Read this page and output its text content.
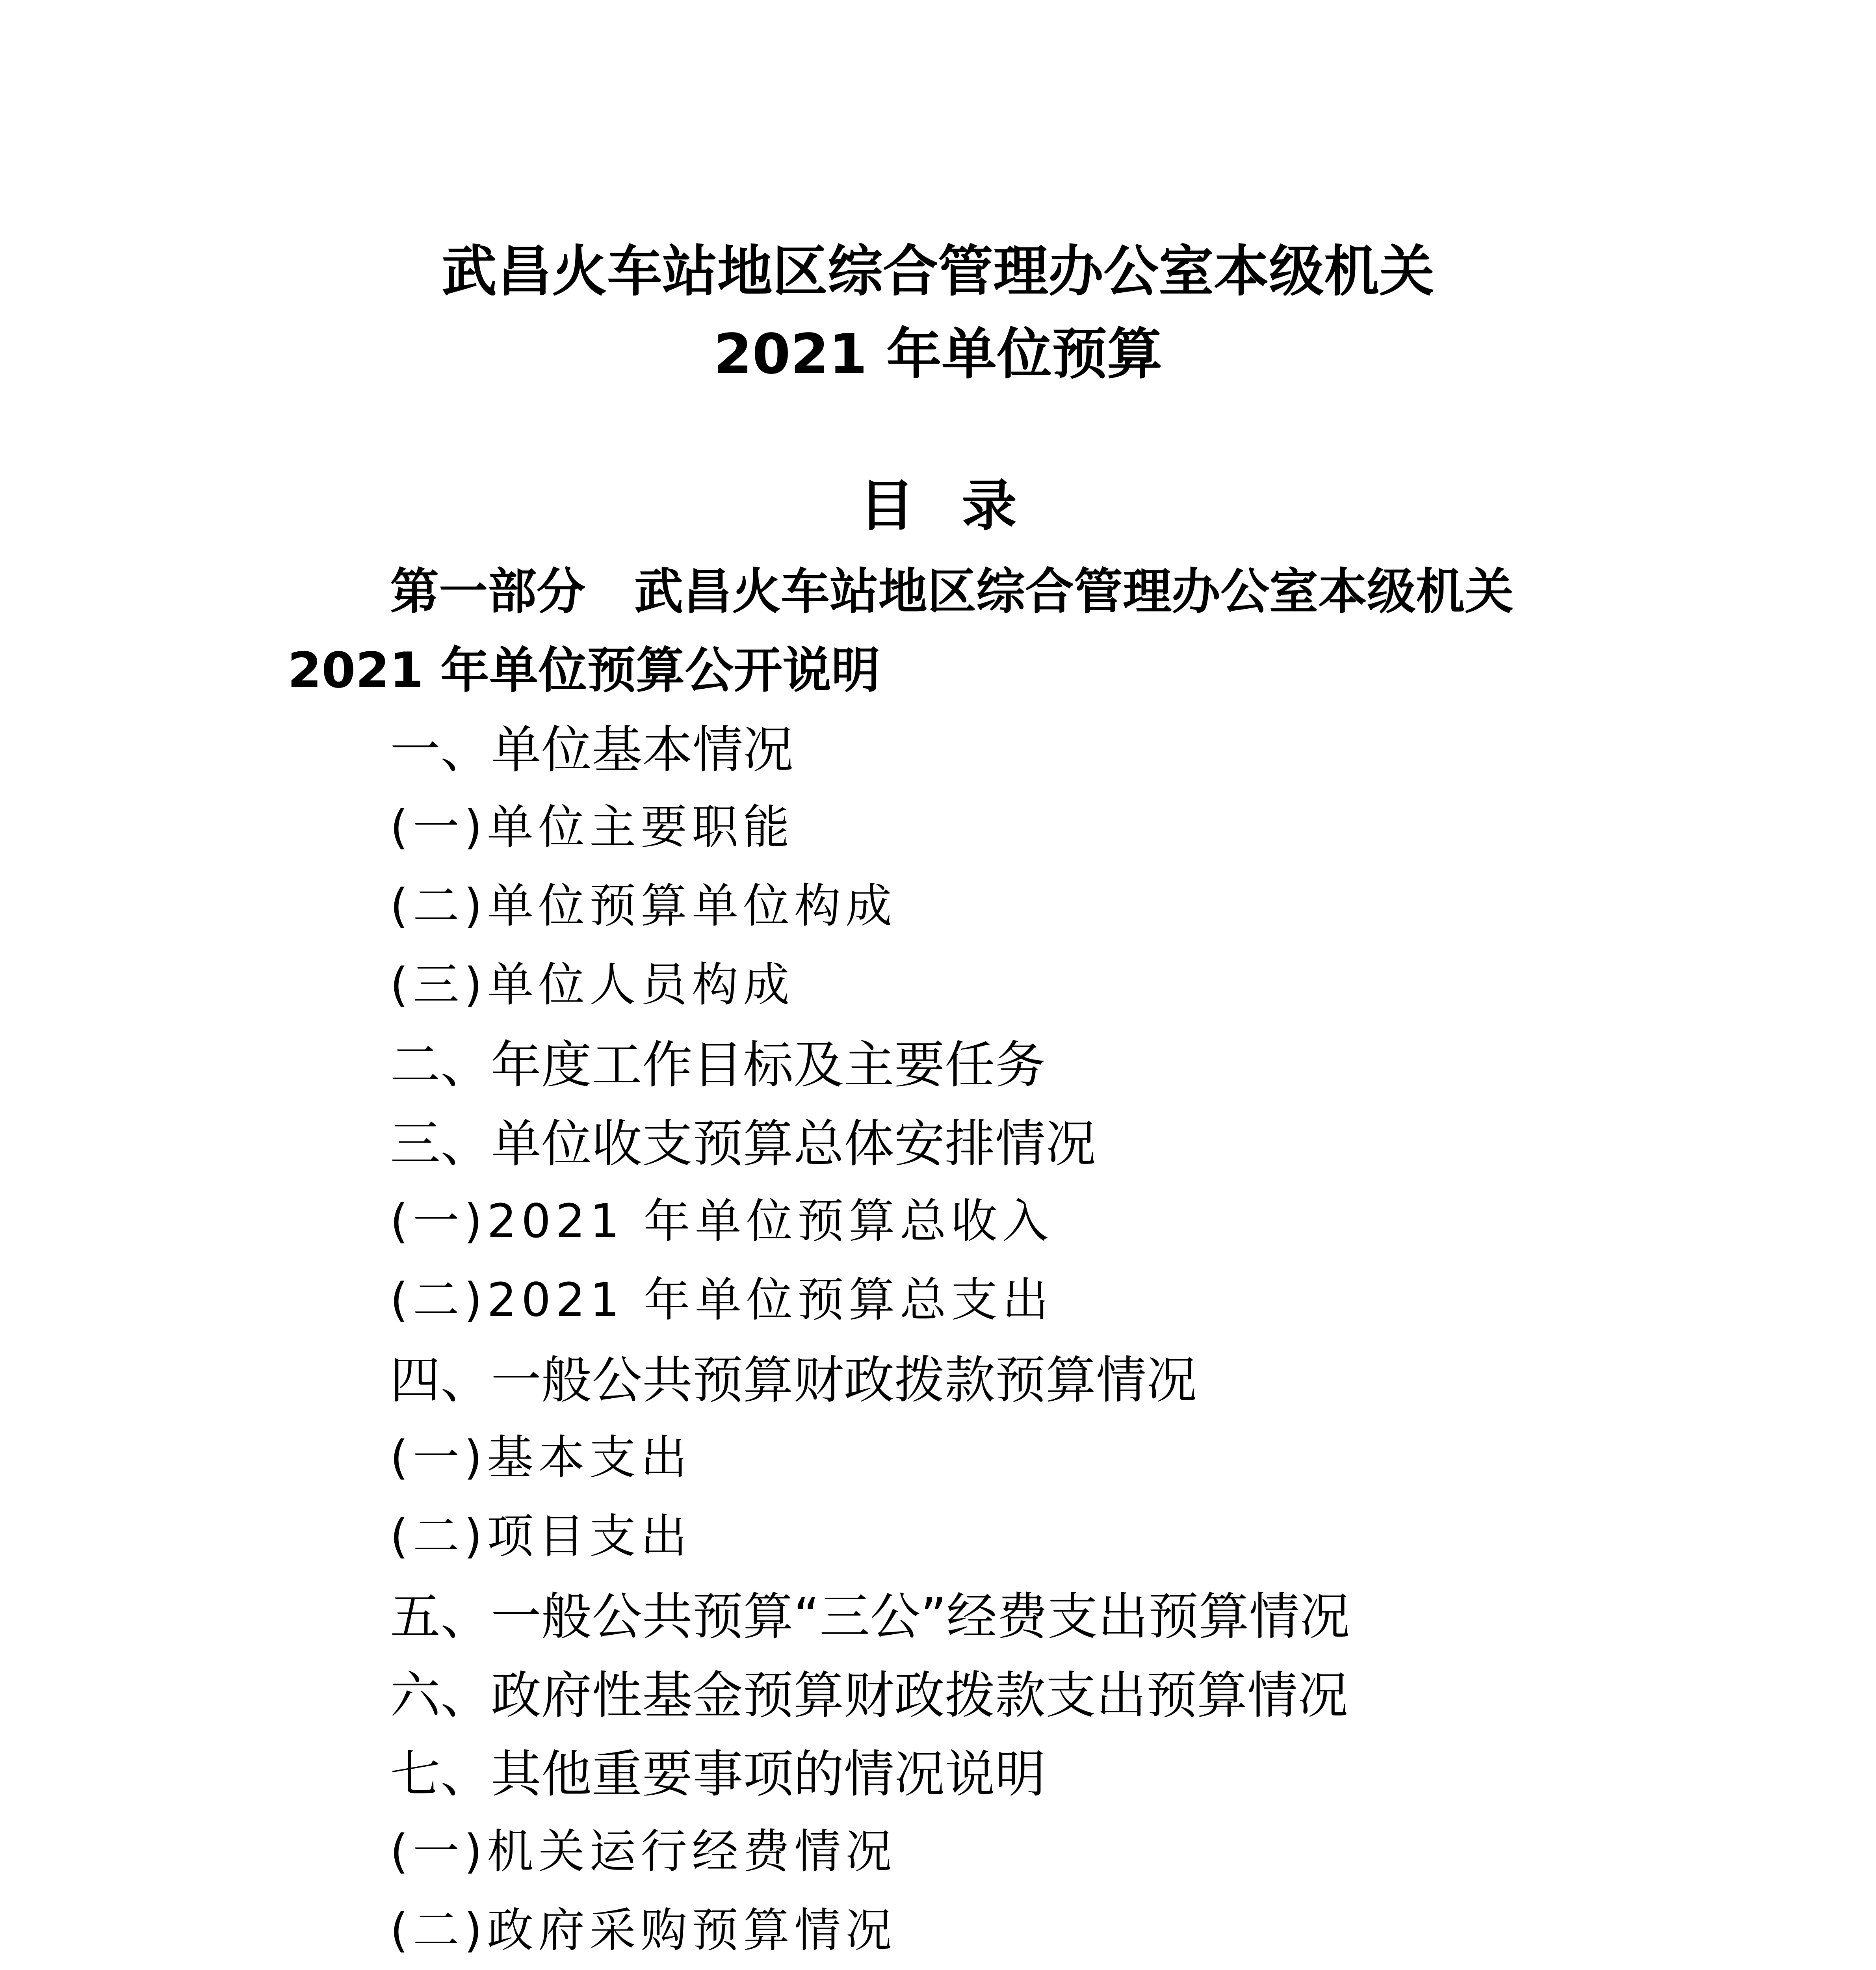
武昌火车站地区综合管理办公室本级机关
2021 年单位预算
目录
第一部分　武昌火车站地区综合管理办公室本级机关
2021 年单位预算公开说明
一、单位基本情况
(一)单位主要职能
(二)单位预算单位构成
(三)单位人员构成
二、年度工作目标及主要任务
三、单位收支预算总体安排情况
(一)2021 年单位预算总收入
(二)2021 年单位预算总支出
四、一般公共预算财政拨款预算情况
(一)基本支出
(二)项目支出
五、一般公共预算“三公”经费支出预算情况
六、政府性基金预算财政拨款支出预算情况
七、其他重要事项的情况说明
(一)机关运行经费情况
(二)政府采购预算情况
